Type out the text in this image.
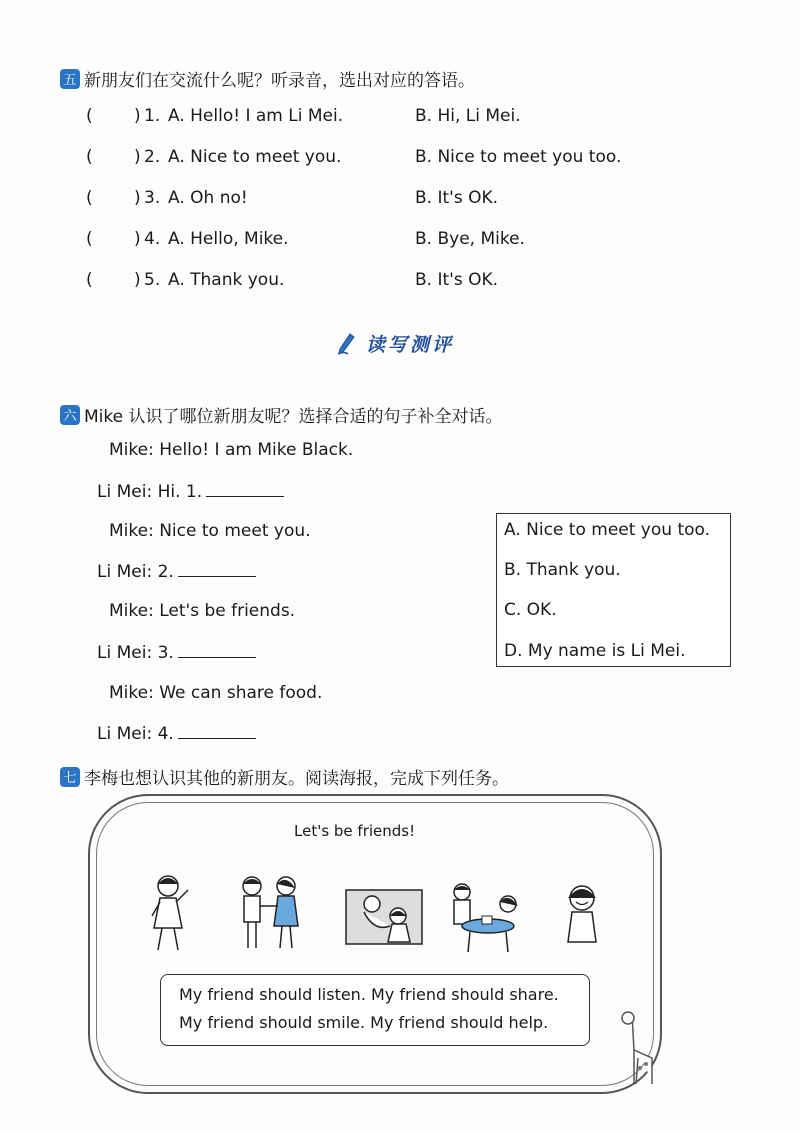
五 新朋友们在交流什么呢？听录音，选出对应的答语。
( ) 1. A. Hello! I am Li Mei.	B. Hi, Li Mei.
( ) 2. A. Nice to meet you.	B. Nice to meet you too.
( ) 3. A. Oh no!	B. It's OK.
( ) 4. A. Hello, Mike.	B. Bye, Mike.
( ) 5. A. Thank you.	B. It's OK.
读写测评
六 Mike 认识了哪位新朋友呢？选择合适的句子补全对话。
Mike: Hello! I am Mike Black.
Li Mei: Hi. 1.
Mike: Nice to meet you.
Li Mei: 2.
Mike: Let's be friends.
Li Mei: 3.
Mike: We can share food.
Li Mei: 4.
A. Nice to meet you too.
B. Thank you.
C. OK.
D. My name is Li Mei.
七 李梅也想认识其他的新朋友。阅读海报，完成下列任务。
Let's be friends!
My friend should listen. My friend should share.
My friend should smile. My friend should help.
